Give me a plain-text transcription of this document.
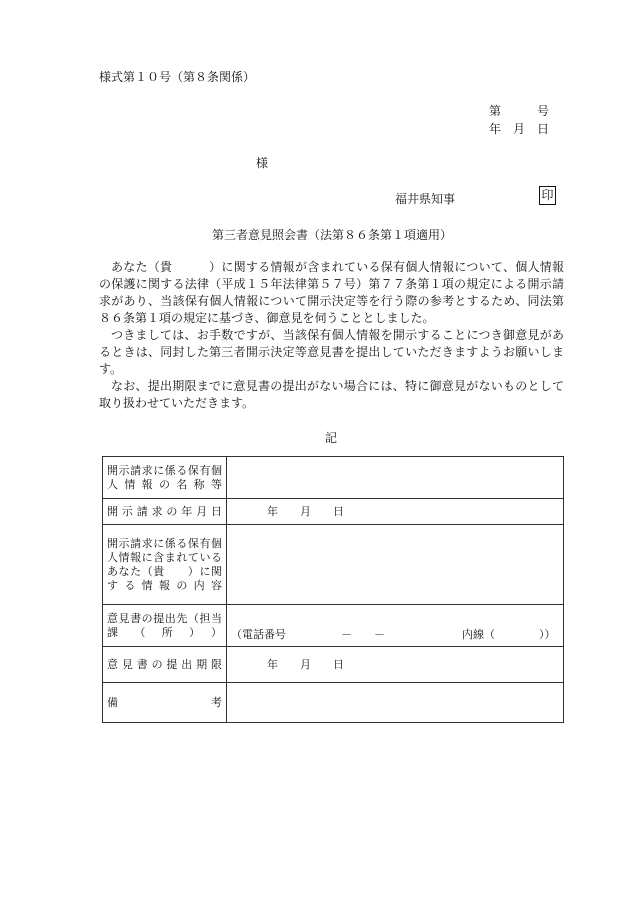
様式第１０号（第８条関係）
第　　　号
年　月　日
様
福井県知事	印
第三者意見照会書（法第８６条第１項適用）

あなた（貴　　　）に関する情報が含まれている保有個人情報について、個人情報の保護に関する法律（平成１５年法律第５７号）第７７条第１項の規定による開示請求があり、当該保有個人情報について開示決定等を行う際の参考とするため、同法第８６条第１項の規定に基づき、御意見を伺うこととしました。

つきましては、お手数ですが、当該保有個人情報を開示することにつき御意見があるときは、同封した第三者開示決定等意見書を提出していただきますようお願いします。

なお、提出期限までに意見書の提出がない場合には、特に御意見がないものとして取り扱わせていただきます。

記
開示請求に係る保有個人情報の名称等	
開示請求の年月日	年　　月　　日
開示請求に係る保有個人情報に含まれているあなた（貴　　）に関する情報の内容	
意見書の提出先（担当課（所））	（電話番号　　　　　－　　－　　　　　　　内線（　　　　））
意見書の提出期限	年　　月　　日
備考	
